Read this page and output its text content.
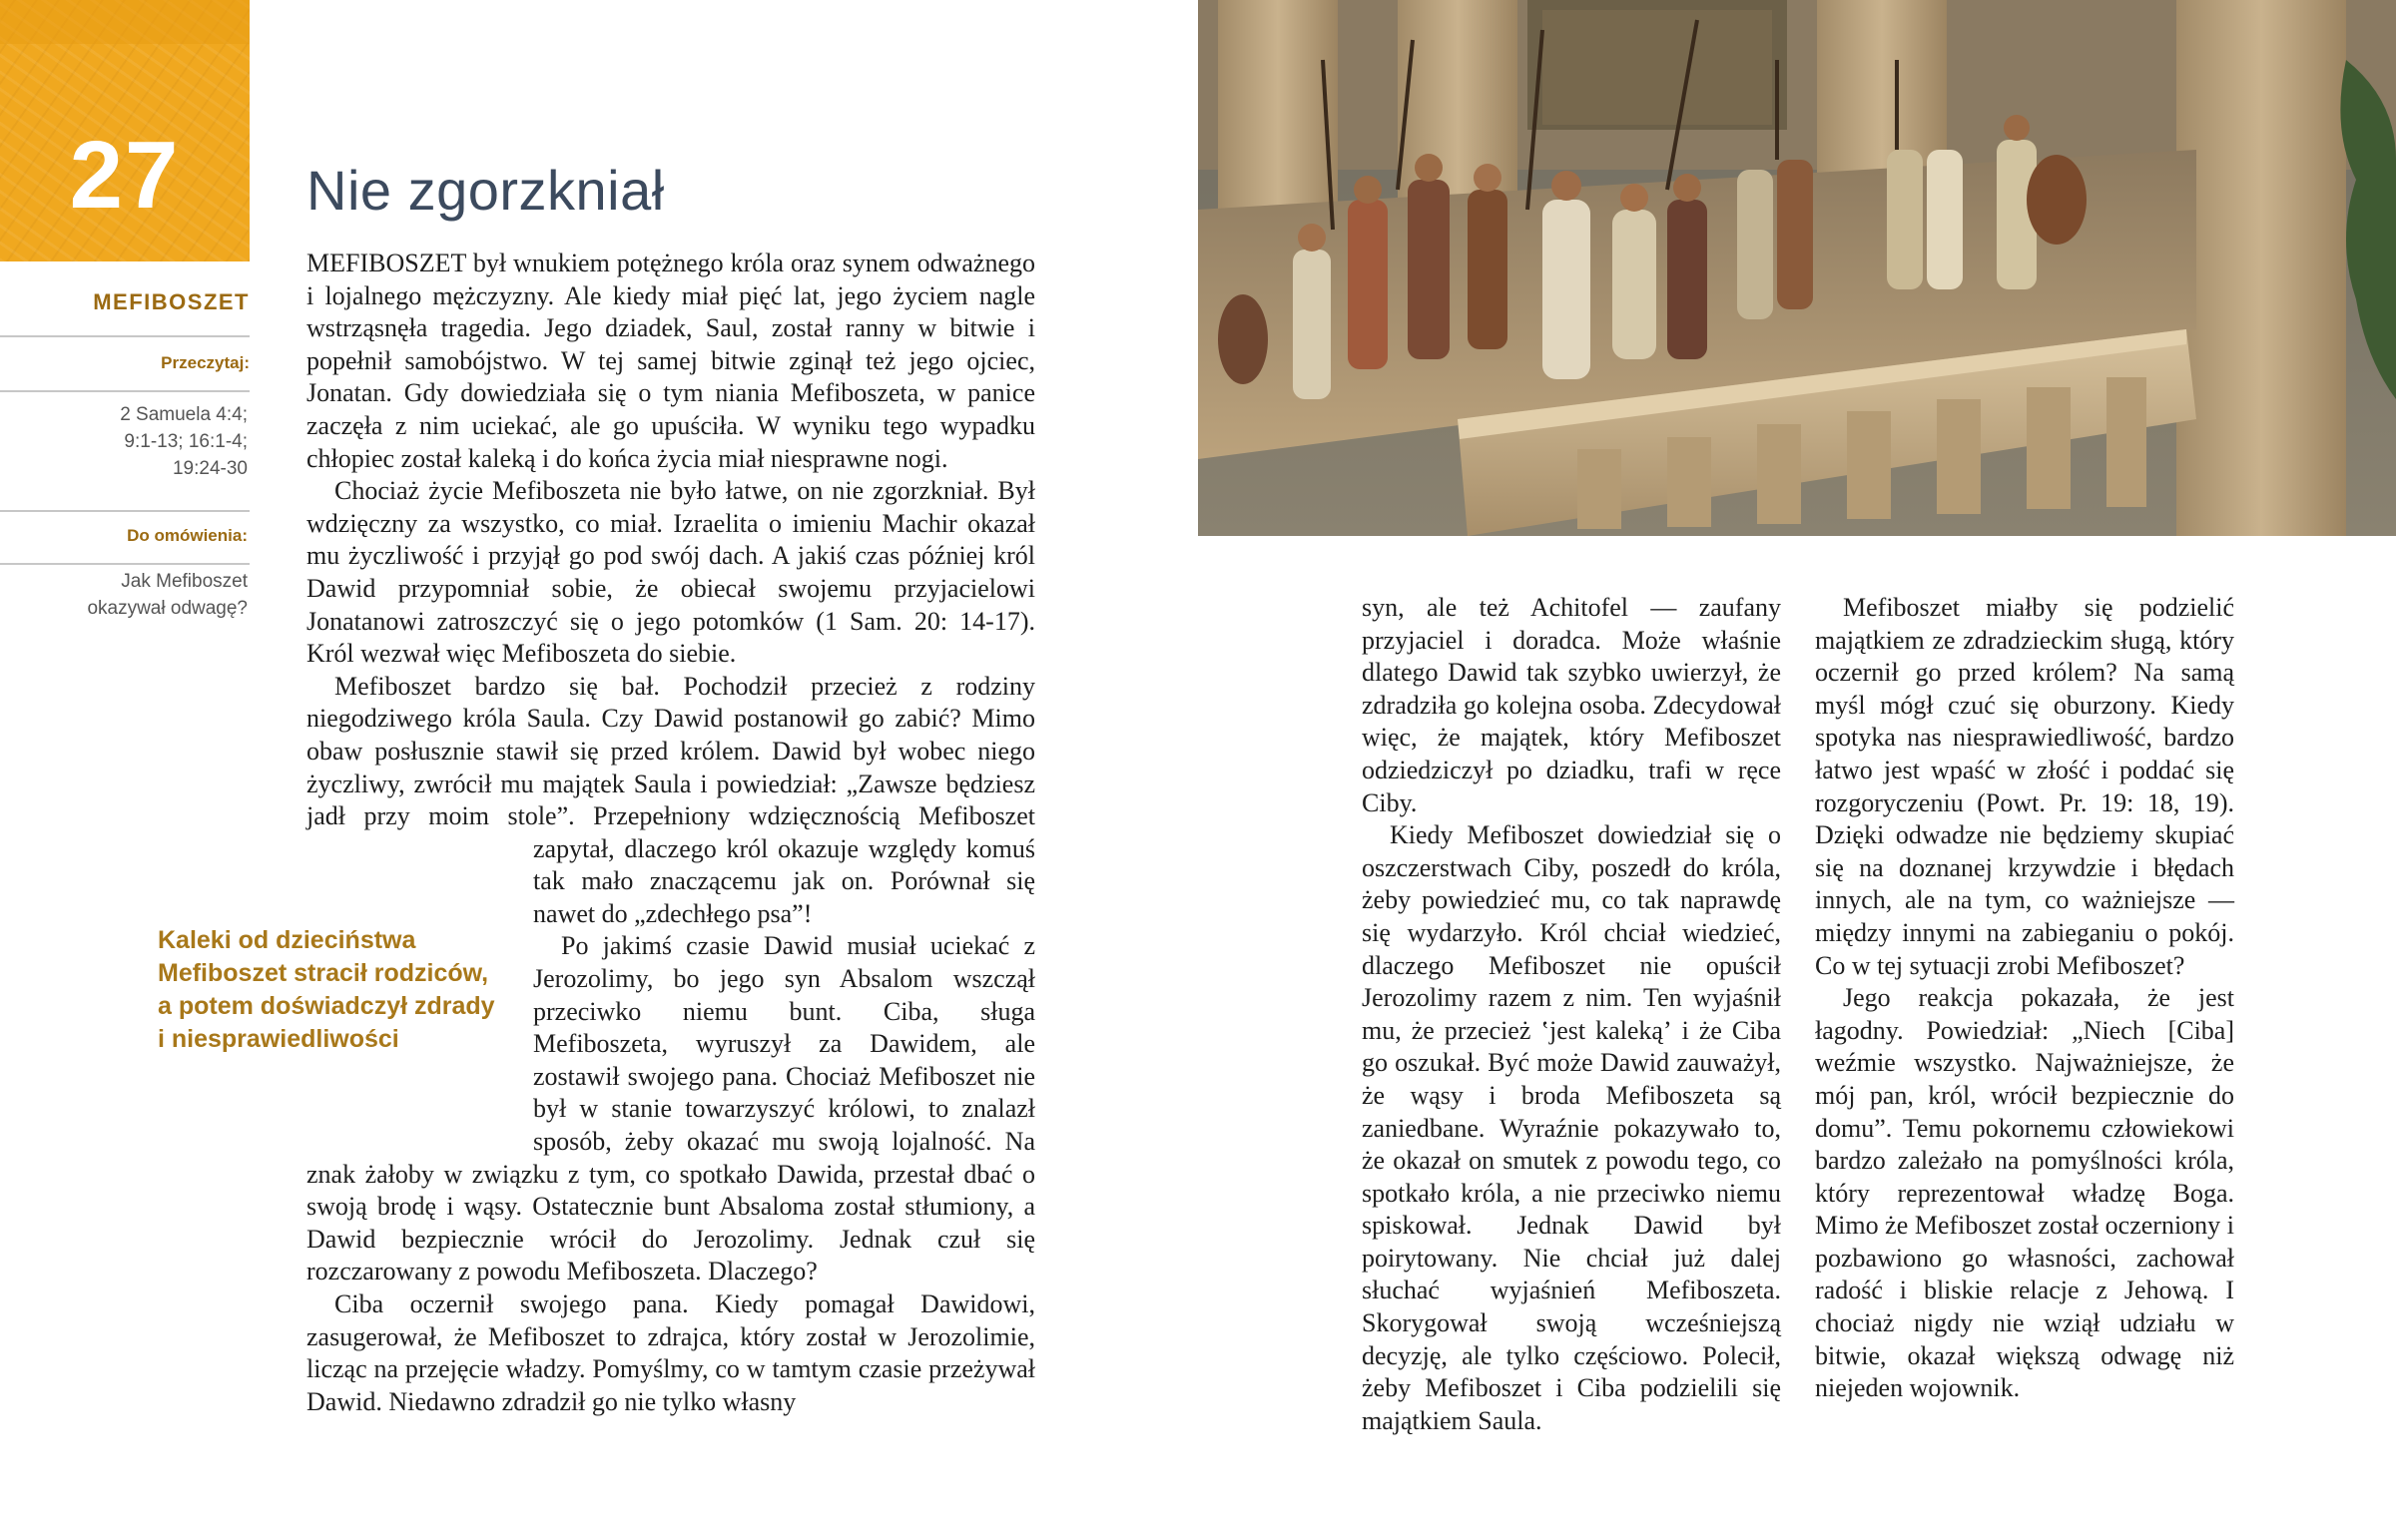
27
MEFIBOSZET
Przeczytaj:
2 Samuela 4:4;
9:1-13; 16:1-4;
19:24-30
Do omówienia:
Jak Mefiboszet
okazywał odwagę?
Nie zgorzkniał
Kaleki od dzieciństwa
Mefiboszet stracił rodziców,
a potem doświadczył zdrady
i niesprawiedliwości

MEFIBOSZET był wnukiem potężnego króla oraz synem odważnego i lojalnego mężczyzny. Ale kiedy miał pięć lat, jego życiem nagle wstrząsnęła tragedia. Jego dziadek, Saul, został ranny w bitwie i popełnił samobójstwo. W tej samej bitwie zginął też jego ojciec, Jonatan. Gdy dowiedziała się o tym niania Mefiboszeta, w panice zaczęła z nim uciekać, ale go upuściła. W wyniku tego wypadku chłopiec został kaleką i do końca życia miał niesprawne nogi.

Chociaż życie Mefiboszeta nie było łatwe, on nie zgorzkniał. Był wdzięczny za wszystko, co miał. Izraelita o imieniu Machir okazał mu życzliwość i przyjął go pod swój dach. A jakiś czas później król Dawid przypomniał sobie, że obiecał swojemu przyjacielowi Jonatanowi zatroszczyć się o jego potomków (1 Sam. 20: 14-17). Król wezwał więc Mefiboszeta do siebie.

Mefiboszet bardzo się bał. Pochodził przecież z rodziny niegodziwego króla Saula. Czy Dawid postanowił go zabić? Mimo obaw posłusznie stawił się przed królem. Dawid był wobec niego życzliwy, zwrócił mu majątek Saula i powiedział: „Zawsze będziesz jadł przy moim stole”.
Przepełniony wdzięcznością Mefiboszet zapytał, dlaczego król okazuje względy komuś tak mało znaczącemu jak on. Porównał się nawet do „zdechłego psa”!

Po jakimś czasie Dawid musiał uciekać z Jerozolimy, bo jego syn Absalom wszczął przeciwko niemu bunt. Ciba, sługa Mefiboszeta, wyruszył za Dawidem, ale zostawił swojego pana. Chociaż Mefiboszet nie był w stanie towarzyszyć królowi, to znalazł sposób, żeby okazać mu swoją lojalność. Na znak żałoby w związku z tym, co spotkało Dawida, przestał dbać o swoją brodę i wąsy. Ostatecznie bunt Absaloma został stłumiony, a Dawid bezpiecznie wrócił do Jerozolimy. Jednak czuł się rozczarowany z powodu Mefiboszeta. Dlaczego?

Ciba oczernił swojego pana. Kiedy pomagał Dawidowi, zasugerował, że Mefiboszet to zdrajca, który został w Jerozolimie, licząc na przejęcie władzy. Pomyślmy, co w tamtym czasie przeżywał Dawid. Niedawno zdradził go nie tylko własny

syn, ale też Achitofel — zaufany przyjaciel i doradca. Może właśnie dlatego Dawid tak szybko uwierzył, że zdradziła go kolejna osoba. Zdecydował więc, że majątek, który Mefiboszet odziedziczył po dziadku, trafi w ręce Ciby.

Kiedy Mefiboszet dowiedział się o oszczerstwach Ciby, poszedł do króla, żeby powiedzieć mu, co tak naprawdę się wydarzyło. Król chciał wiedzieć, dlaczego Mefiboszet nie opuścił Jerozolimy razem z nim. Ten wyjaśnił mu, że przecież ʽjest kalekąʼ i że Ciba go oszukał. Być może Dawid zauważył, że wąsy i broda Mefiboszeta są zaniedbane. Wyraźnie pokazywało to, że okazał on smutek z powodu tego, co spotkało króla, a nie przeciwko niemu spiskował. Jednak Dawid był poirytowany. Nie chciał już dalej słuchać wyjaśnień Mefiboszeta. Skorygował swoją wcześniejszą decyzję, ale tylko częściowo. Polecił, żeby Mefiboszet i Ciba podzielili się majątkiem Saula.

Mefiboszet miałby się podzielić majątkiem ze zdradzieckim sługą, który oczernił go przed królem? Na samą myśl mógł czuć się oburzony. Kiedy spotyka nas niesprawiedliwość, bardzo łatwo jest wpaść w złość i poddać się rozgoryczeniu (Powt. Pr. 19: 18, 19). Dzięki odwadze nie będziemy skupiać się na doznanej krzywdzie i błędach innych, ale na tym, co ważniejsze — między innymi na zabieganiu o pokój. Co w tej sytuacji zrobi Mefiboszet?

Jego reakcja pokazała, że jest łagodny. Powiedział: „Niech [Ciba] weźmie wszystko. Najważniejsze, że mój pan, król, wrócił bezpiecznie do domu”. Temu pokornemu człowiekowi bardzo zależało na pomyślności króla, który reprezentował władzę Boga. Mimo że Mefiboszet został oczerniony i pozbawiono go własności, zachował radość i bliskie relacje z Jehową. I chociaż nigdy nie wziął udziału w bitwie, okazał większą odwagę niż niejeden wojownik.
